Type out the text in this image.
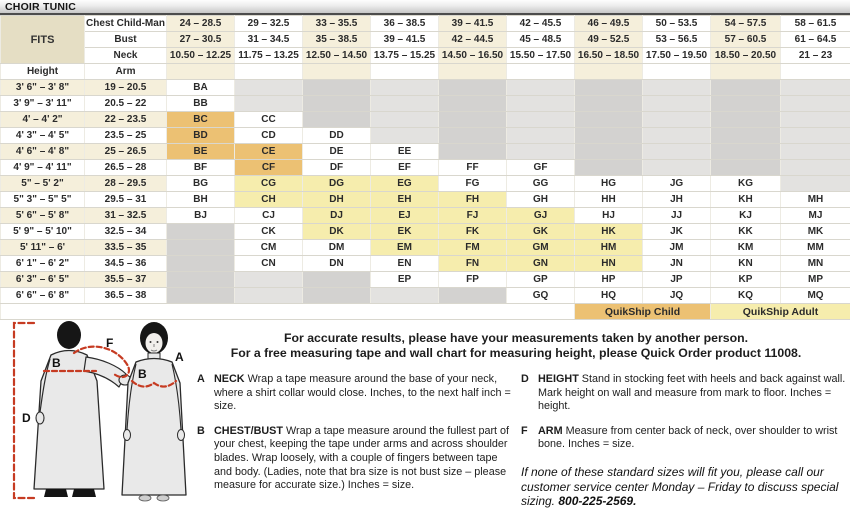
CHOIR TUNIC
FITS	Chest Child-Man	24 – 28.5	29 – 32.5	33 – 35.5	36 – 38.5	39 – 41.5	42 – 45.5	46 – 49.5	50 – 53.5	54 – 57.5	58 – 61.5
	Bust	27 – 30.5	31 – 34.5	35 – 38.5	39 – 41.5	42 – 44.5	45 – 48.5	49 – 52.5	53 – 56.5	57 – 60.5	61 – 64.5
	Neck	10.50 – 12.25	11.75 – 13.25	12.50 – 14.50	13.75 – 15.25	14.50 – 16.50	15.50 – 17.50	16.50 – 18.50	17.50 – 19.50	18.50 – 20.50	21 – 23
Height	Arm										
3' 6" – 3' 8"	19 – 20.5	BA									
3' 9" – 3' 11"	20.5 – 22	BB									
4' – 4' 2"	22 – 23.5	BC	CC								
4' 3" – 4' 5"	23.5 – 25	BD	CD	DD							
4' 6" – 4' 8"	25 – 26.5	BE	CE	DE	EE						
4' 9" – 4' 11"	26.5 – 28	BF	CF	DF	EF	FF	GF				
5" – 5' 2"	28 – 29.5	BG	CG	DG	EG	FG	GG	HG	JG	KG	
5" 3" – 5" 5"	29.5 – 31	BH	CH	DH	EH	FH	GH	HH	JH	KH	MH
5' 6" – 5' 8"	31 – 32.5	BJ	CJ	DJ	EJ	FJ	GJ	HJ	JJ	KJ	MJ
5' 9" – 5' 10"	32.5 – 34		CK	DK	EK	FK	GK	HK	JK	KK	MK
5' 11" – 6'	33.5 – 35		CM	DM	EM	FM	GM	HM	JM	KM	MM
6' 1" – 6' 2"	34.5 – 36		CN	DN	EN	FN	GN	HN	JN	KN	MN
6' 3" – 6' 5"	35.5 – 37				EP	FP	GP	HP	JP	KP	MP
6' 6" – 6' 8"	36.5 – 38						GQ	HQ	JQ	KQ	MQ
								QuikShip Child		QuikShip Adult	
For accurate results, please have your measurements taken by another person.
For a free measuring tape and wall chart for measuring height, please Quick Order product 11008.

A NECK Wrap a tape measure around the base of your neck, where a shirt collar would close. Inches, to the next half inch = size.

B CHEST/BUST Wrap a tape measure around the fullest part of your chest, keeping the tape under arms and across shoulder blades. Wrap loosely, with a couple of fingers between tape and body. (Ladies, note that bra size is not bust size – please measure for accurate size.) Inches = size.

D HEIGHT Stand in stocking feet with heels and back against wall. Mark height on wall and measure from mark to floor. Inches = height.

F ARM Measure from center back of neck, over shoulder to wrist bone. Inches = size.

If none of these standard sizes will fit you, please call our customer service center Monday – Friday to discuss special sizing. 800-225-2569.
D
B
F
B
A
